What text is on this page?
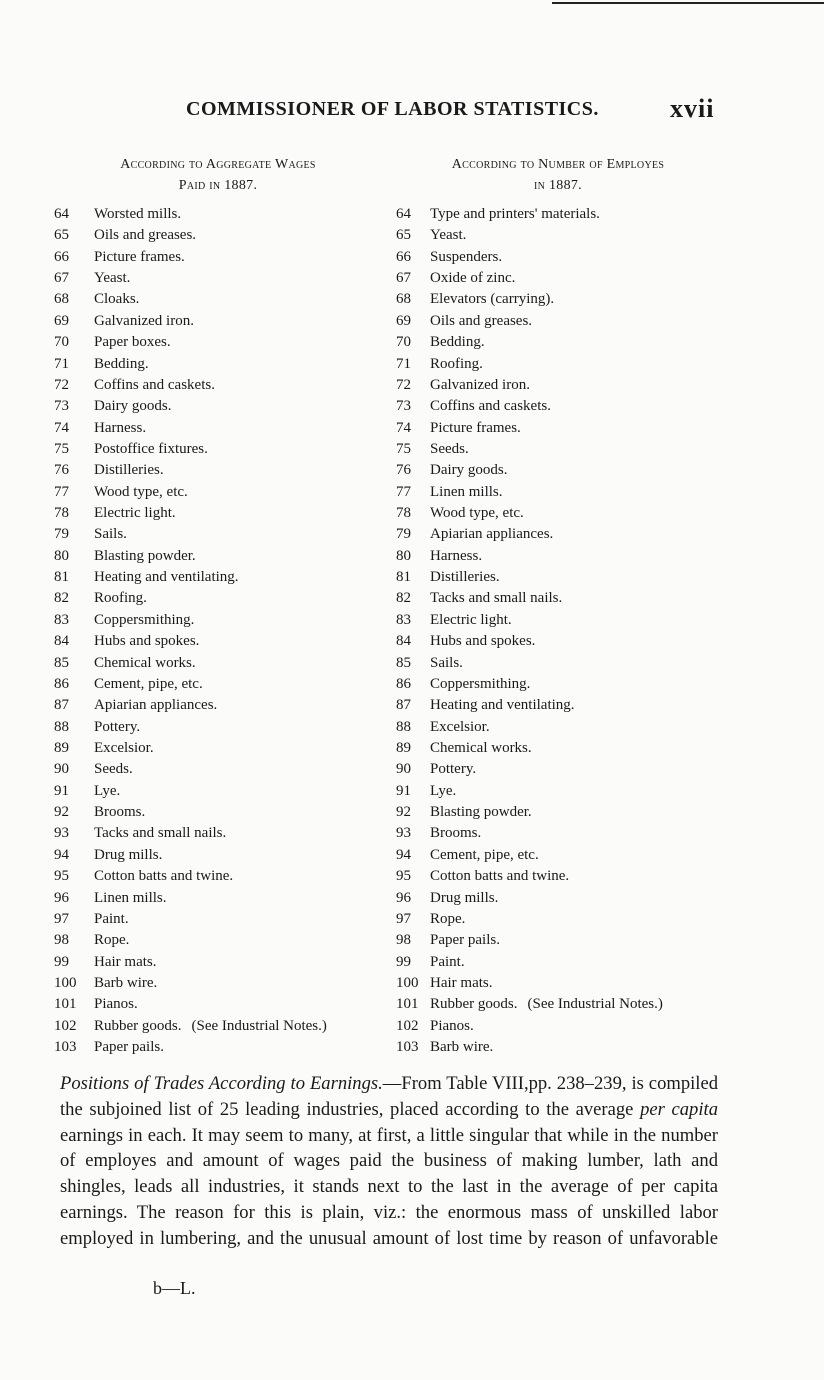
COMMISSIONER OF LABOR STATISTICS.	xvii
According to Aggregate Wages
Paid in 1887.
According to Number of Employes
in 1887.
64 Worsted mills.
65 Oils and greases.
66 Picture frames.
67 Yeast.
68 Cloaks.
69 Galvanized iron.
70 Paper boxes.
71 Bedding.
72 Coffins and caskets.
73 Dairy goods.
74 Harness.
75 Postoffice fixtures.
76 Distilleries.
77 Wood type, etc.
78 Electric light.
79 Sails.
80 Blasting powder.
81 Heating and ventilating.
82 Roofing.
83 Coppersmithing.
84 Hubs and spokes.
85 Chemical works.
86 Cement, pipe, etc.
87 Apiarian appliances.
88 Pottery.
89 Excelsior.
90 Seeds.
91 Lye.
92 Brooms.
93 Tacks and small nails.
94 Drug mills.
95 Cotton batts and twine.
96 Linen mills.
97 Paint.
98 Rope.
99 Hair mats.
100 Barb wire.
101 Pianos.
102 Rubber goods. (See Industrial Notes.)
103 Paper pails.
64 Type and printers' materials.
65 Yeast.
66 Suspenders.
67 Oxide of zinc.
68 Elevators (carrying).
69 Oils and greases.
70 Bedding.
71 Roofing.
72 Galvanized iron.
73 Coffins and caskets.
74 Picture frames.
75 Seeds.
76 Dairy goods.
77 Linen mills.
78 Wood type, etc.
79 Apiarian appliances.
80 Harness.
81 Distilleries.
82 Tacks and small nails.
83 Electric light.
84 Hubs and spokes.
85 Sails.
86 Coppersmithing.
87 Heating and ventilating.
88 Excelsior.
89 Chemical works.
90 Pottery.
91 Lye.
92 Blasting powder.
93 Brooms.
94 Cement, pipe, etc.
95 Cotton batts and twine.
96 Drug mills.
97 Rope.
98 Paper pails.
99 Paint.
100 Hair mats.
101 Rubber goods. (See Industrial Notes.)
102 Pianos.
103 Barb wire.

Positions of Trades According to Earnings.—From Table VIII,pp. 238–239, is compiled the subjoined list of 25 leading industries, placed according to the average per capita earnings in each. It may seem to many, at first, a little singular that while in the number of employes and amount of wages paid the business of making lumber, lath and shingles, leads all industries, it stands next to the last in the average of per capita earnings. The reason for this is plain, viz.: the enormous mass of unskilled labor employed in lumbering, and the unusual amount of lost time by reason of unfavorable

b—L.
